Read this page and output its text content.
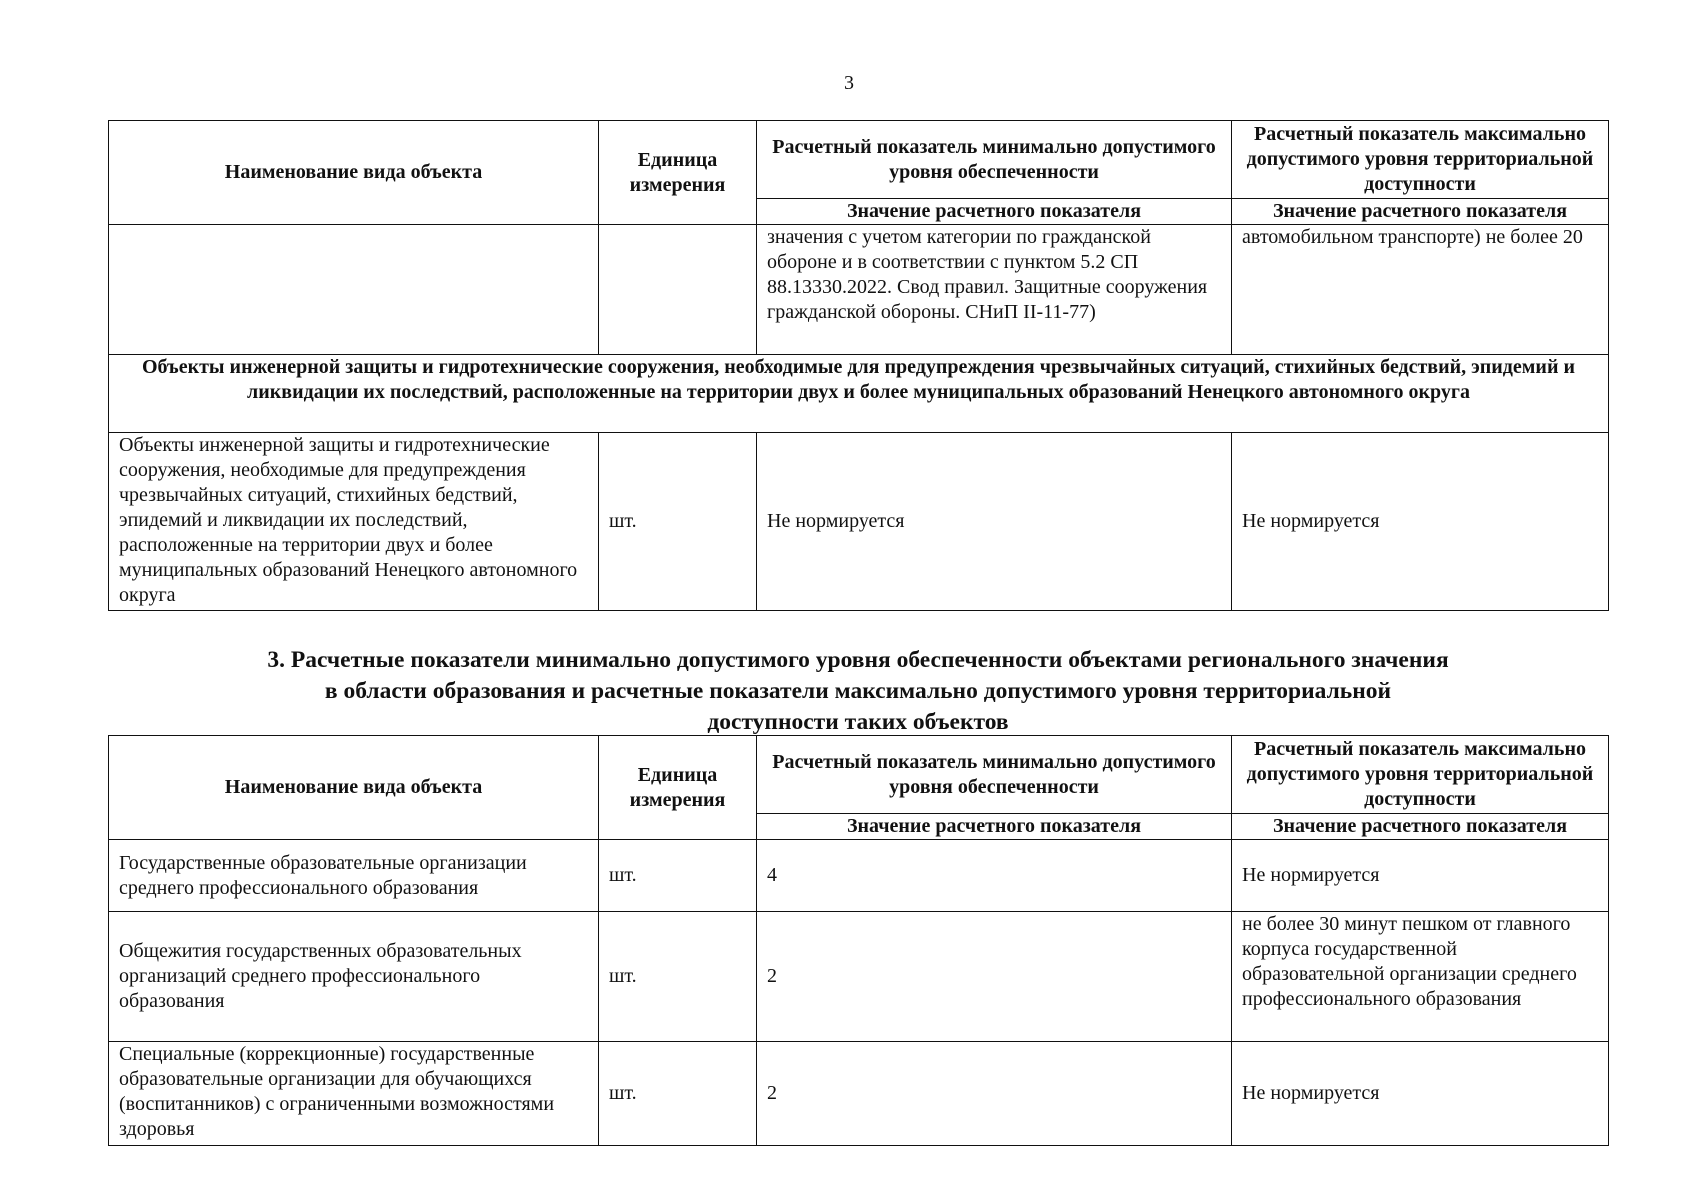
3
Наименование вида объекта	Единица измерения	Расчетный показатель минимально допустимого уровня обеспеченности	Расчетный показатель максимально допустимого уровня территориальной доступности
		Значение расчетного показателя	Значение расчетного показателя
		значения с учетом категории по гражданской обороне и в соответствии с пунктом 5.2 СП 88.13330.2022. Свод правил. Защитные сооружения гражданской обороны. СНиП II-11-77)	автомобильном транспорте) не более 20
Объекты инженерной защиты и гидротехнические сооружения, необходимые для предупреждения чрезвычайных ситуаций, стихийных бедствий, эпидемий и ликвидации их последствий, расположенные на территории двух и более муниципальных образований Ненецкого автономного округа			
Объекты инженерной защиты и гидротехнические сооружения, необходимые для предупреждения чрезвычайных ситуаций, стихийных бедствий, эпидемий и ликвидации их последствий, расположенные на территории двух и более муниципальных образований Ненецкого автономного округа	шт.	Не нормируется	Не нормируется
3. Расчетные показатели минимально допустимого уровня обеспеченности объектами регионального значения
в области образования и расчетные показатели максимально допустимого уровня территориальной
доступности таких объектов
Наименование вида объекта	Единица измерения	Расчетный показатель минимально допустимого уровня обеспеченности	Расчетный показатель максимально допустимого уровня территориальной доступности
		Значение расчетного показателя	Значение расчетного показателя
Государственные образовательные организации среднего профессионального образования	шт.	4	Не нормируется
Общежития государственных образовательных организаций среднего профессионального образования	шт.	2	не более 30 минут пешком от главного корпуса государственной образовательной организации среднего профессионального образования
Специальные (коррекционные) государственные образовательные организации для обучающихся (воспитанников) с ограниченными возможностями здоровья	шт.	2	Не нормируется
